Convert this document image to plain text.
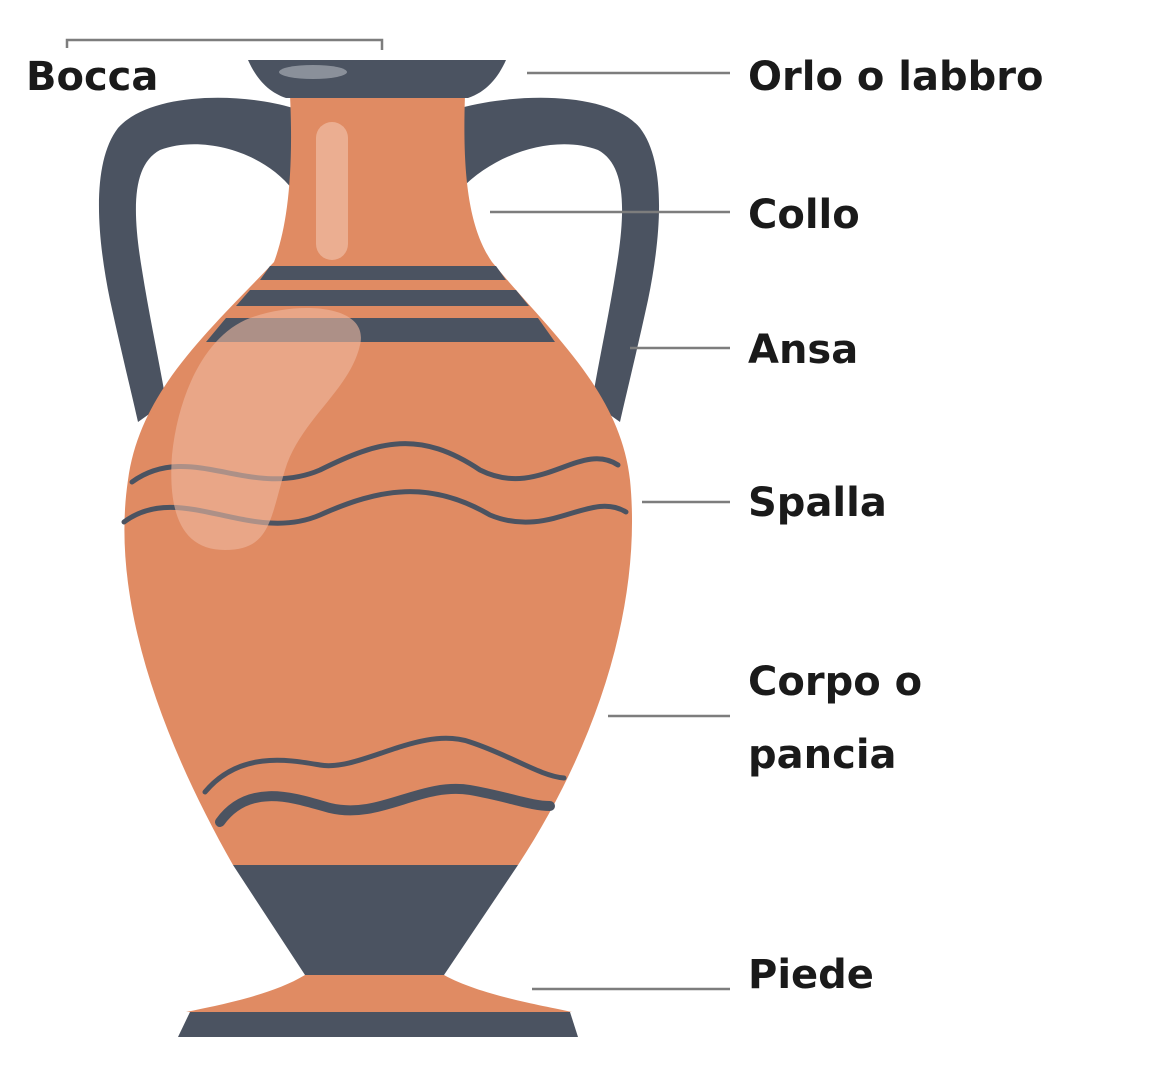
Bocca	Orlo o labbro
Collo
Ansa
Spalla
Corpo o
pancia
Piede
